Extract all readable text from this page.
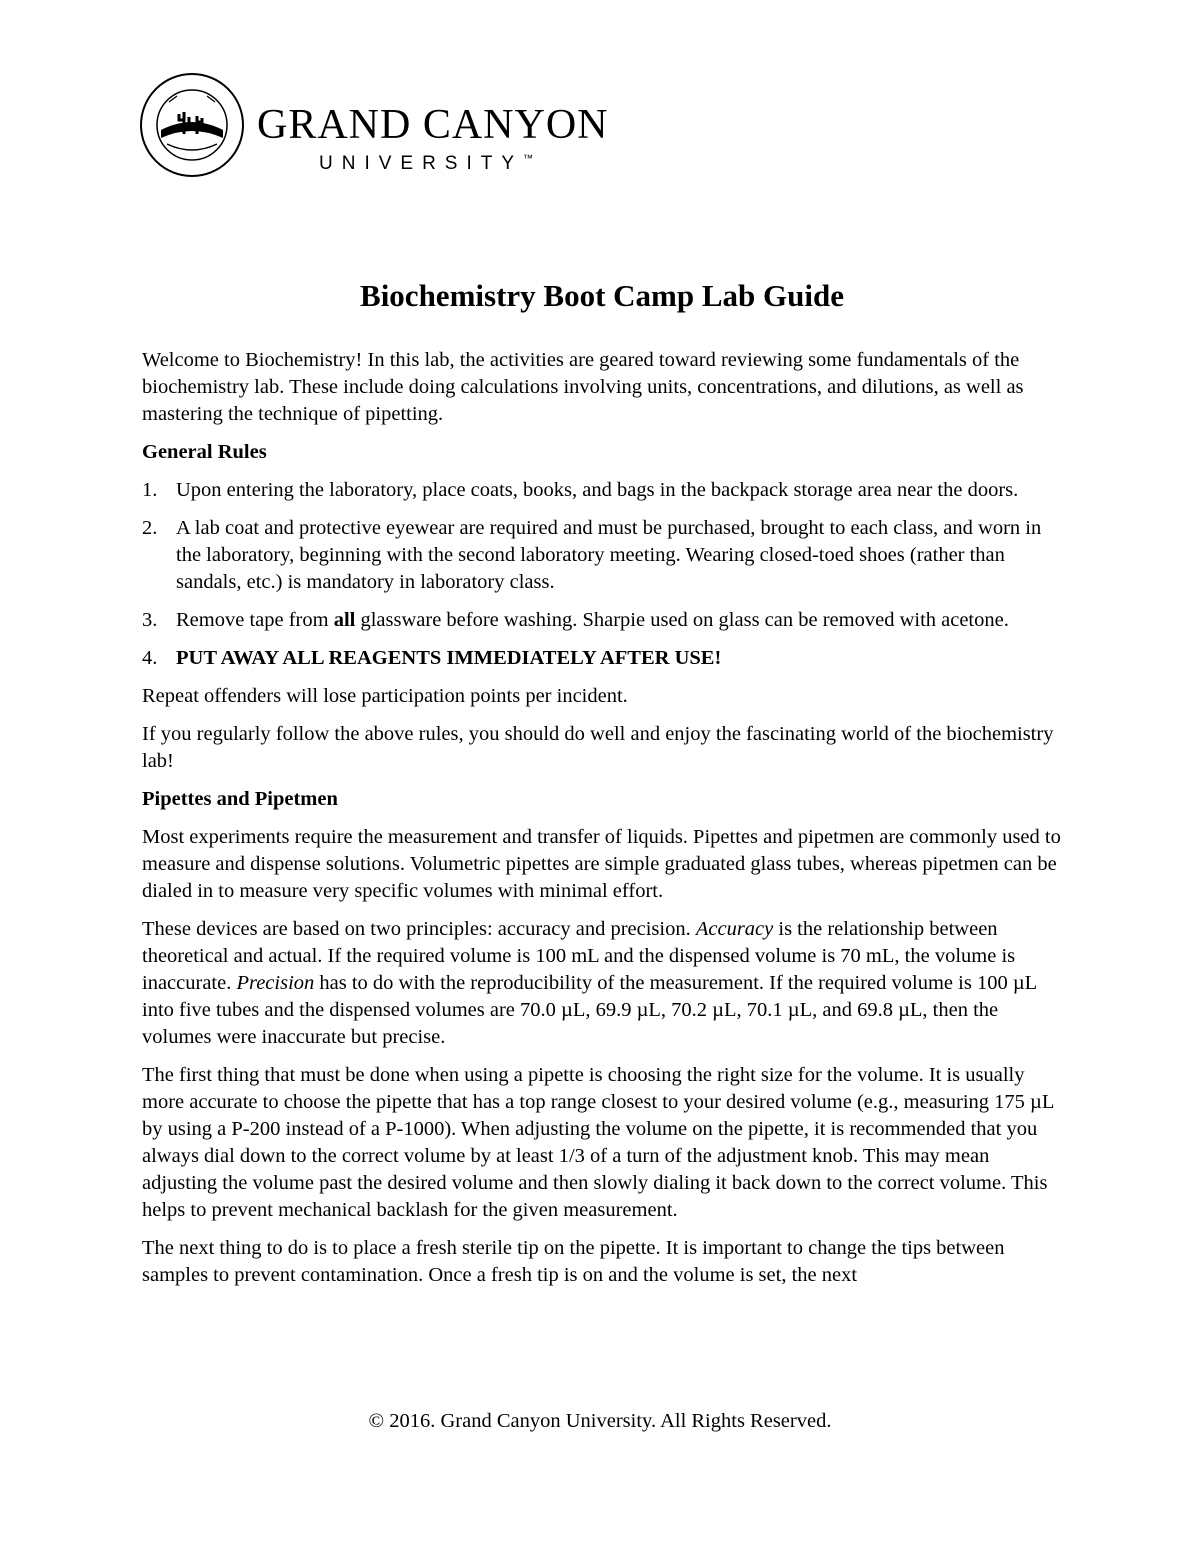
GRAND CANYON
UNIVERSITY™
Biochemistry Boot Camp Lab Guide

Welcome to Biochemistry! In this lab, the activities are geared toward reviewing some fundamentals of the biochemistry lab. These include doing calculations involving units, concentrations, and dilutions, as well as mastering the technique of pipetting.

General Rules
1. Upon entering the laboratory, place coats, books, and bags in the backpack storage area near the doors.
2. A lab coat and protective eyewear are required and must be purchased, brought to each class, and worn in the laboratory, beginning with the second laboratory meeting. Wearing closed-toed shoes (rather than sandals, etc.) is mandatory in laboratory class.
3. Remove tape from all glassware before washing. Sharpie used on glass can be removed with acetone.
4. PUT AWAY ALL REAGENTS IMMEDIATELY AFTER USE!

Repeat offenders will lose participation points per incident.

If you regularly follow the above rules, you should do well and enjoy the fascinating world of the biochemistry lab!

Pipettes and Pipetmen

Most experiments require the measurement and transfer of liquids. Pipettes and pipetmen are commonly used to measure and dispense solutions. Volumetric pipettes are simple graduated glass tubes, whereas pipetmen can be dialed in to measure very specific volumes with minimal effort.

These devices are based on two principles: accuracy and precision. Accuracy is the relationship between theoretical and actual. If the required volume is 100 mL and the dispensed volume is 70 mL, the volume is inaccurate. Precision has to do with the reproducibility of the measurement. If the required volume is 100 µL into five tubes and the dispensed volumes are 70.0 µL, 69.9 µL, 70.2 µL, 70.1 µL, and 69.8 µL, then the volumes were inaccurate but precise.

The first thing that must be done when using a pipette is choosing the right size for the volume. It is usually more accurate to choose the pipette that has a top range closest to your desired volume (e.g., measuring 175 µL by using a P-200 instead of a P-1000). When adjusting the volume on the pipette, it is recommended that you always dial down to the correct volume by at least 1/3 of a turn of the adjustment knob. This may mean adjusting the volume past the desired volume and then slowly dialing it back down to the correct volume. This helps to prevent mechanical backlash for the given measurement.

The next thing to do is to place a fresh sterile tip on the pipette. It is important to change the tips between samples to prevent contamination. Once a fresh tip is on and the volume is set, the next

© 2016. Grand Canyon University. All Rights Reserved.
